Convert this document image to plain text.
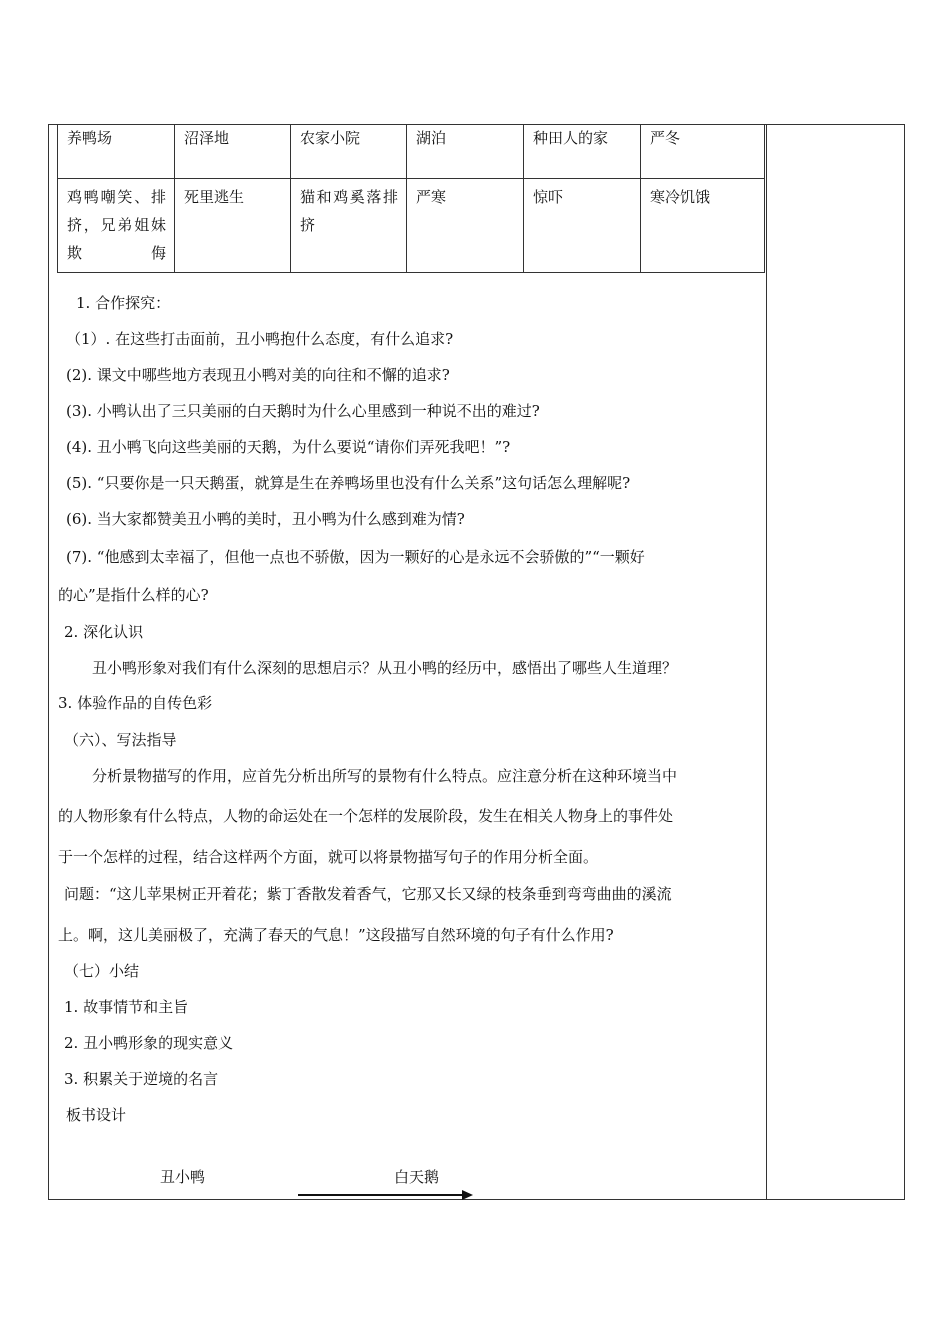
养鸭场	沼泽地	农家小院	湖泊	种田人的家	严冬
鸡鸭嘲笑、排挤，兄弟姐妹欺侮	死里逃生	猫和鸡奚落排挤	严寒	惊吓	寒冷饥饿
1. 合作探究：
（1）. 在这些打击面前，丑小鸭抱什么态度，有什么追求?
(2). 课文中哪些地方表现丑小鸭对美的向往和不懈的追求?
(3). 小鸭认出了三只美丽的白天鹅时为什么心里感到一种说不出的难过?
(4). 丑小鸭飞向这些美丽的天鹅，为什么要说“请你们弄死我吧！”?
(5). “只要你是一只天鹅蛋，就算是生在养鸭场里也没有什么关系”这句话怎么理解呢?
(6). 当大家都赞美丑小鸭的美时，丑小鸭为什么感到难为情?
(7). “他感到太幸福了，但他一点也不骄傲，因为一颗好的心是永远不会骄傲的”“一颗好
的心”是指什么样的心?
2. 深化认识
丑小鸭形象对我们有什么深刻的思想启示？从丑小鸭的经历中，感悟出了哪些人生道理？
3. 体验作品的自传色彩
（六）、写法指导
分析景物描写的作用，应首先分析出所写的景物有什么特点。应注意分析在这种环境当中
的人物形象有什么特点，人物的命运处在一个怎样的发展阶段，发生在相关人物身上的事件处
于一个怎样的过程，结合这样两个方面，就可以将景物描写句子的作用分析全面。
问题：“这儿苹果树正开着花；紫丁香散发着香气，它那又长又绿的枝条垂到弯弯曲曲的溪流
上。啊，这儿美丽极了，充满了春天的气息！”这段描写自然环境的句子有什么作用?
（七）小结
1. 故事情节和主旨
2. 丑小鸭形象的现实意义
3. 积累关于逆境的名言
板书设计
丑小鸭	白天鹅
